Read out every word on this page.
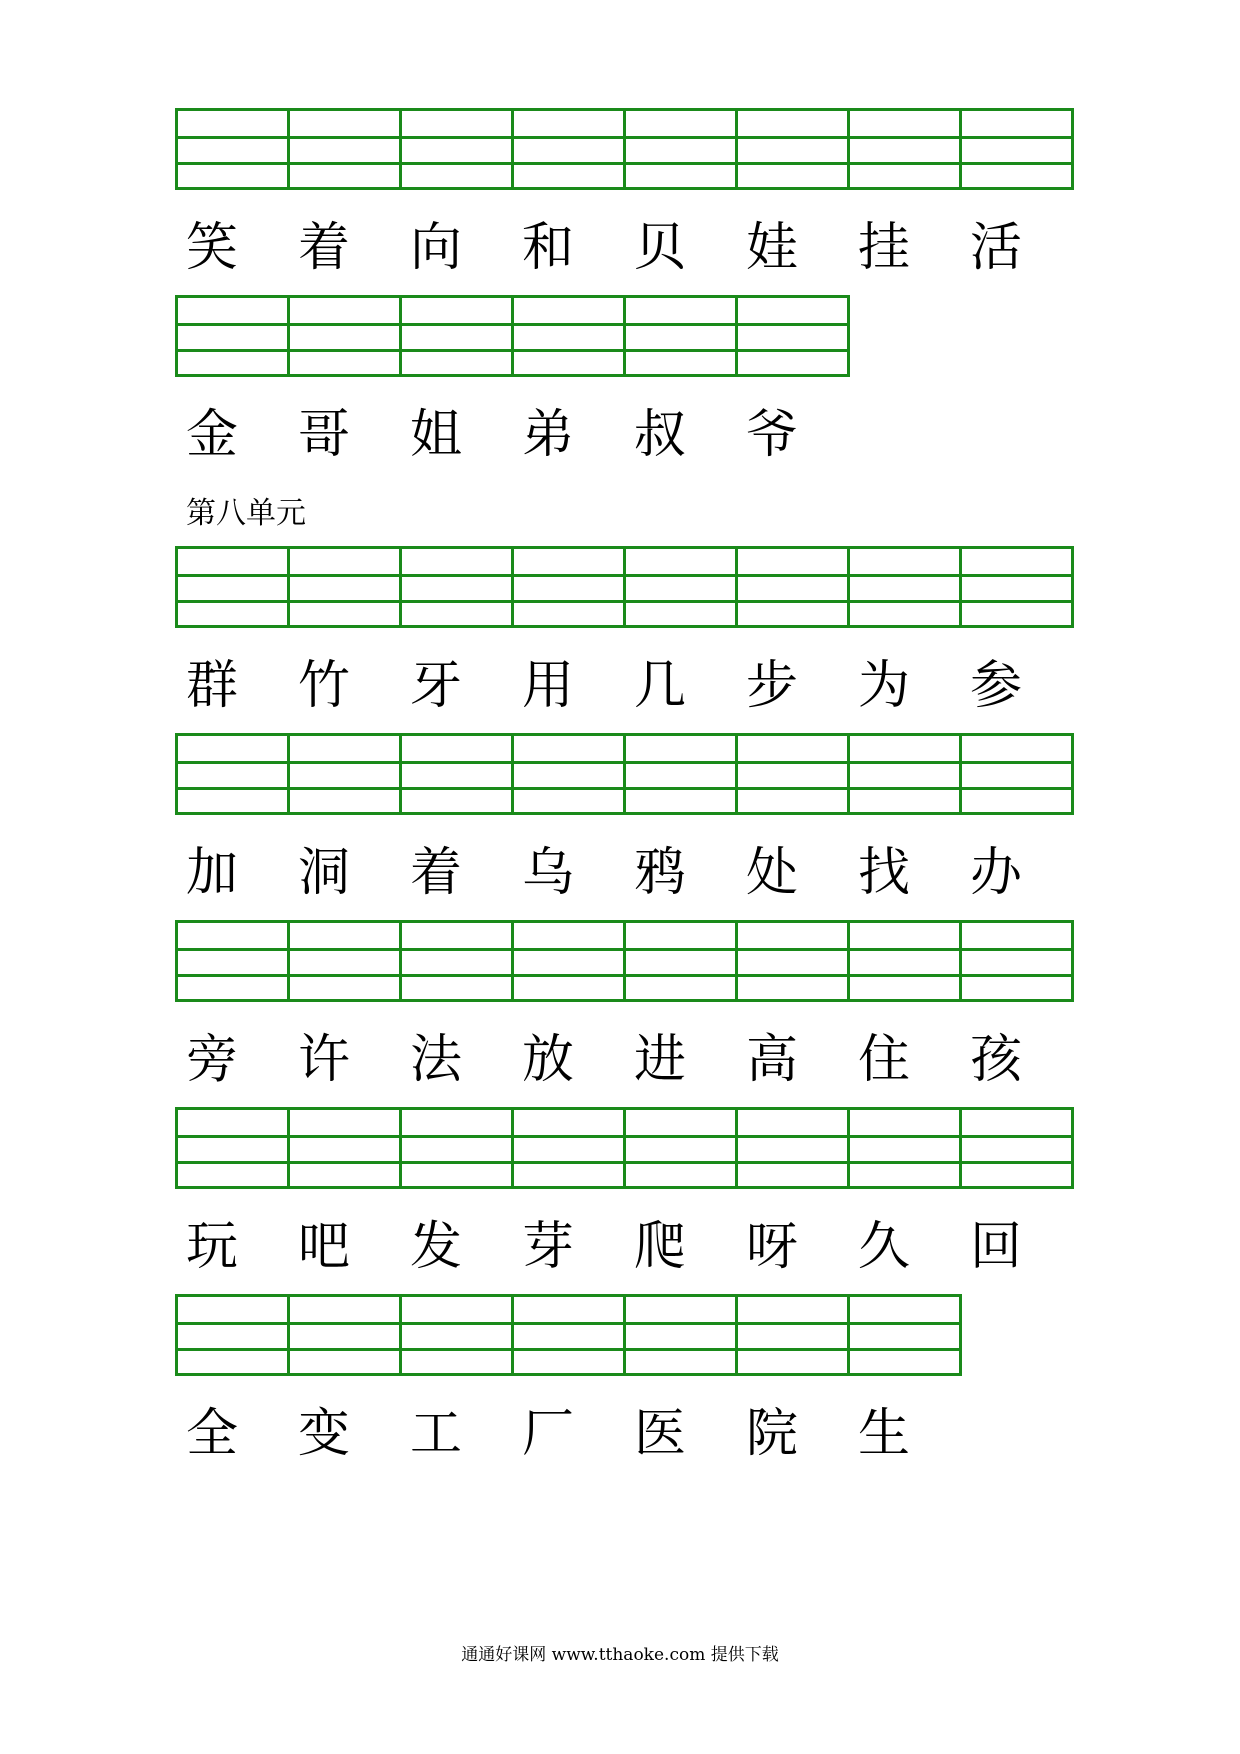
笑	着	向	和	贝	娃	挂	活
金	哥	姐	弟	叔	爷
第八单元
群	竹	牙	用	几	步	为	参
加	洞	着	乌	鸦	处	找	办
旁	许	法	放	进	高	住	孩
玩	吧	发	芽	爬	呀	久	回
全	变	工	厂	医	院	生
通通好课网 www.tthaoke.com 提供下载
